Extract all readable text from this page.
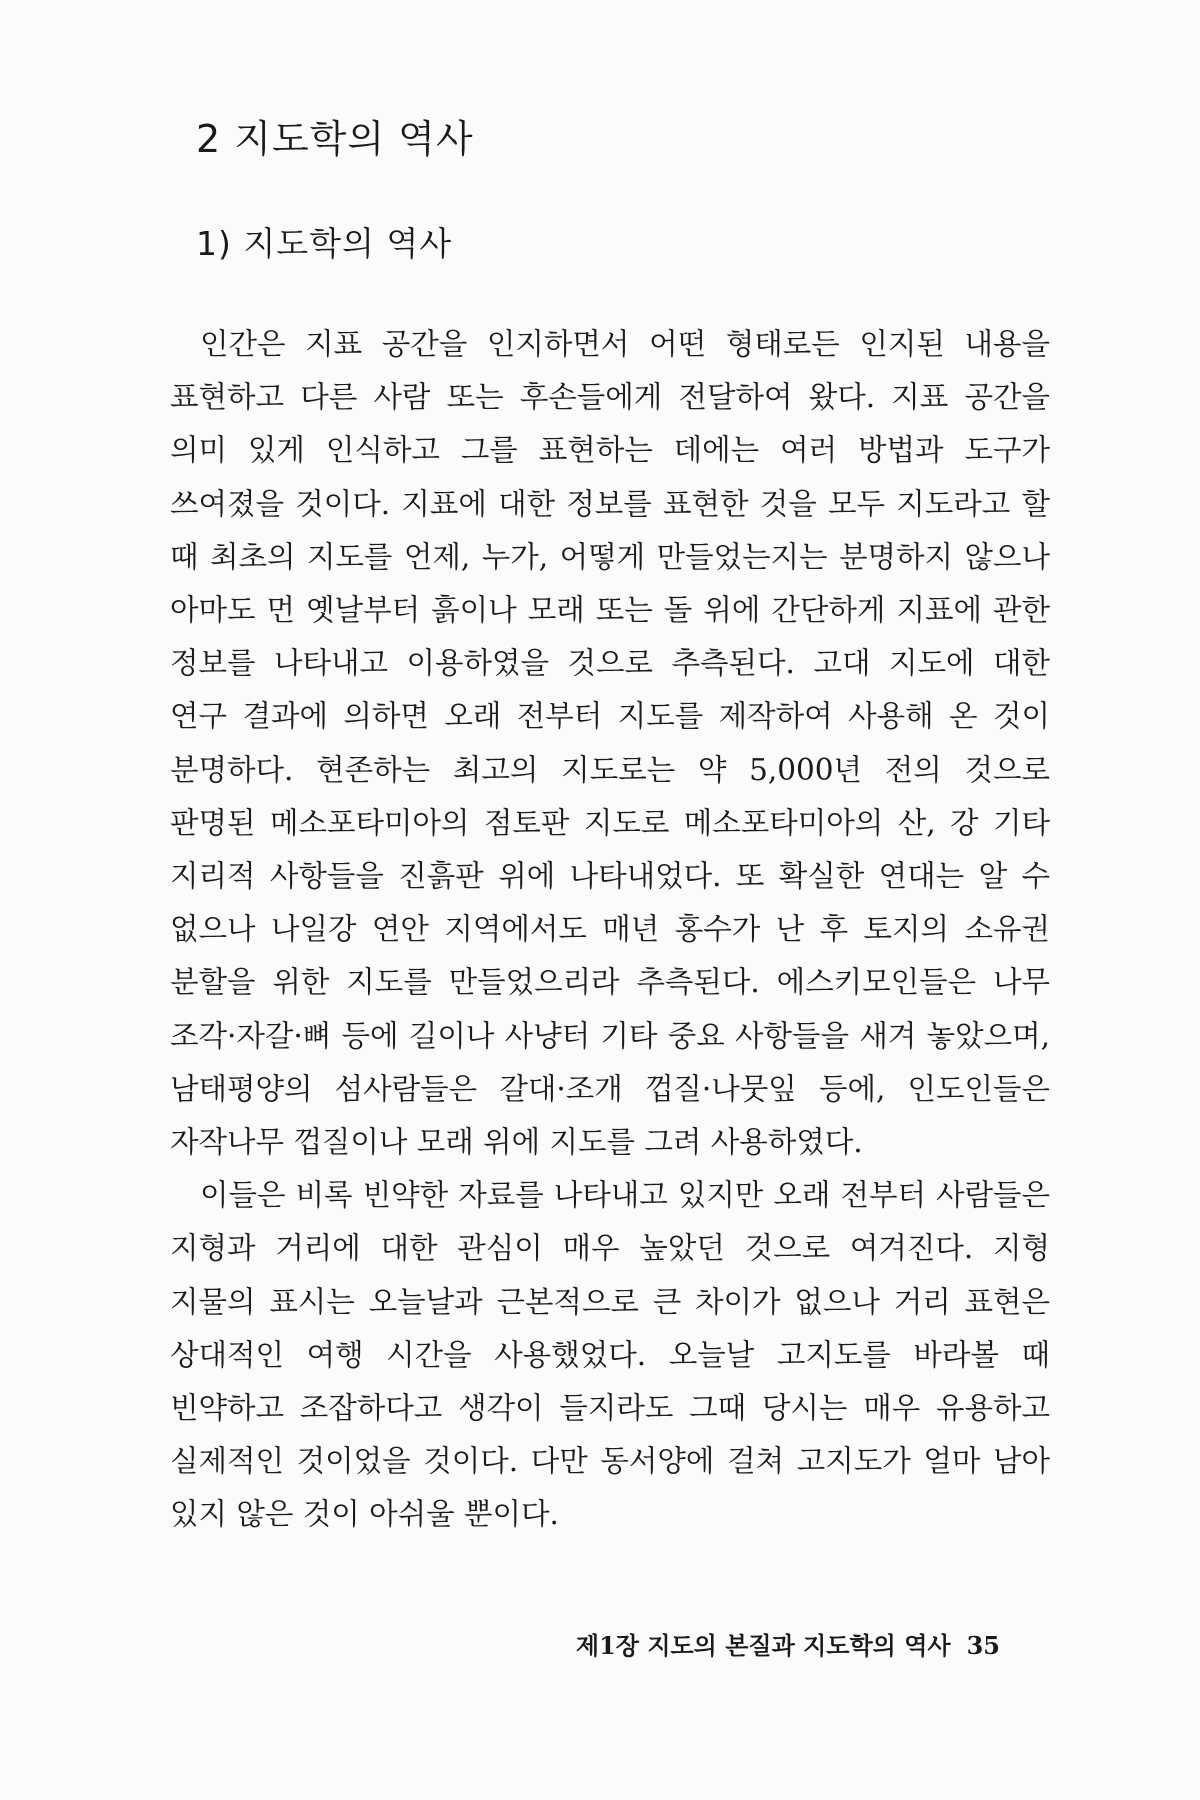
2 지도학의 역사
1) 지도학의 역사

인간은 지표 공간을 인지하면서 어떤 형태로든 인지된 내용을 표현하고 다른 사람 또는 후손들에게 전달하여 왔다. 지표 공간을 의미 있게 인식하고 그를 표현하는 데에는 여러 방법과 도구가 쓰여졌을 것이다. 지표에 대한 정보를 표현한 것을 모두 지도라고 할 때 최초의 지도를 언제, 누가, 어떻게 만들었는지는 분명하지 않으나 아마도 먼 옛날부터 흙이나 모래 또는 돌 위에 간단하게 지표에 관한 정보를 나타내고 이용하였을 것으로 추측된다. 고대 지도에 대한 연구 결과에 의하면 오래 전부터 지도를 제작하여 사용해 온 것이 분명하다. 현존하는 최고의 지도로는 약 5,000년 전의 것으로 판명된 메소포타미아의 점토판 지도로 메소포타미아의 산, 강 기타 지리적 사항들을 진흙판 위에 나타내었다. 또 확실한 연대는 알 수 없으나 나일강 연안 지역에서도 매년 홍수가 난 후 토지의 소유권 분할을 위한 지도를 만들었으리라 추측된다. 에스키모인들은 나무 조각·자갈·뼈 등에 길이나 사냥터 기타 중요 사항들을 새겨 놓았으며, 남태평양의 섬사람들은 갈대·조개 껍질·나뭇잎 등에, 인도인들은 자작나무 껍질이나 모래 위에 지도를 그려 사용하였다.

이들은 비록 빈약한 자료를 나타내고 있지만 오래 전부터 사람들은 지형과 거리에 대한 관심이 매우 높았던 것으로 여겨진다. 지형 지물의 표시는 오늘날과 근본적으로 큰 차이가 없으나 거리 표현은 상대적인 여행 시간을 사용했었다. 오늘날 고지도를 바라볼 때 빈약하고 조잡하다고 생각이 들지라도 그때 당시는 매우 유용하고 실제적인 것이었을 것이다. 다만 동서양에 걸쳐 고지도가 얼마 남아 있지 않은 것이 아쉬울 뿐이다.

제1장 지도의 본질과 지도학의 역사 35
